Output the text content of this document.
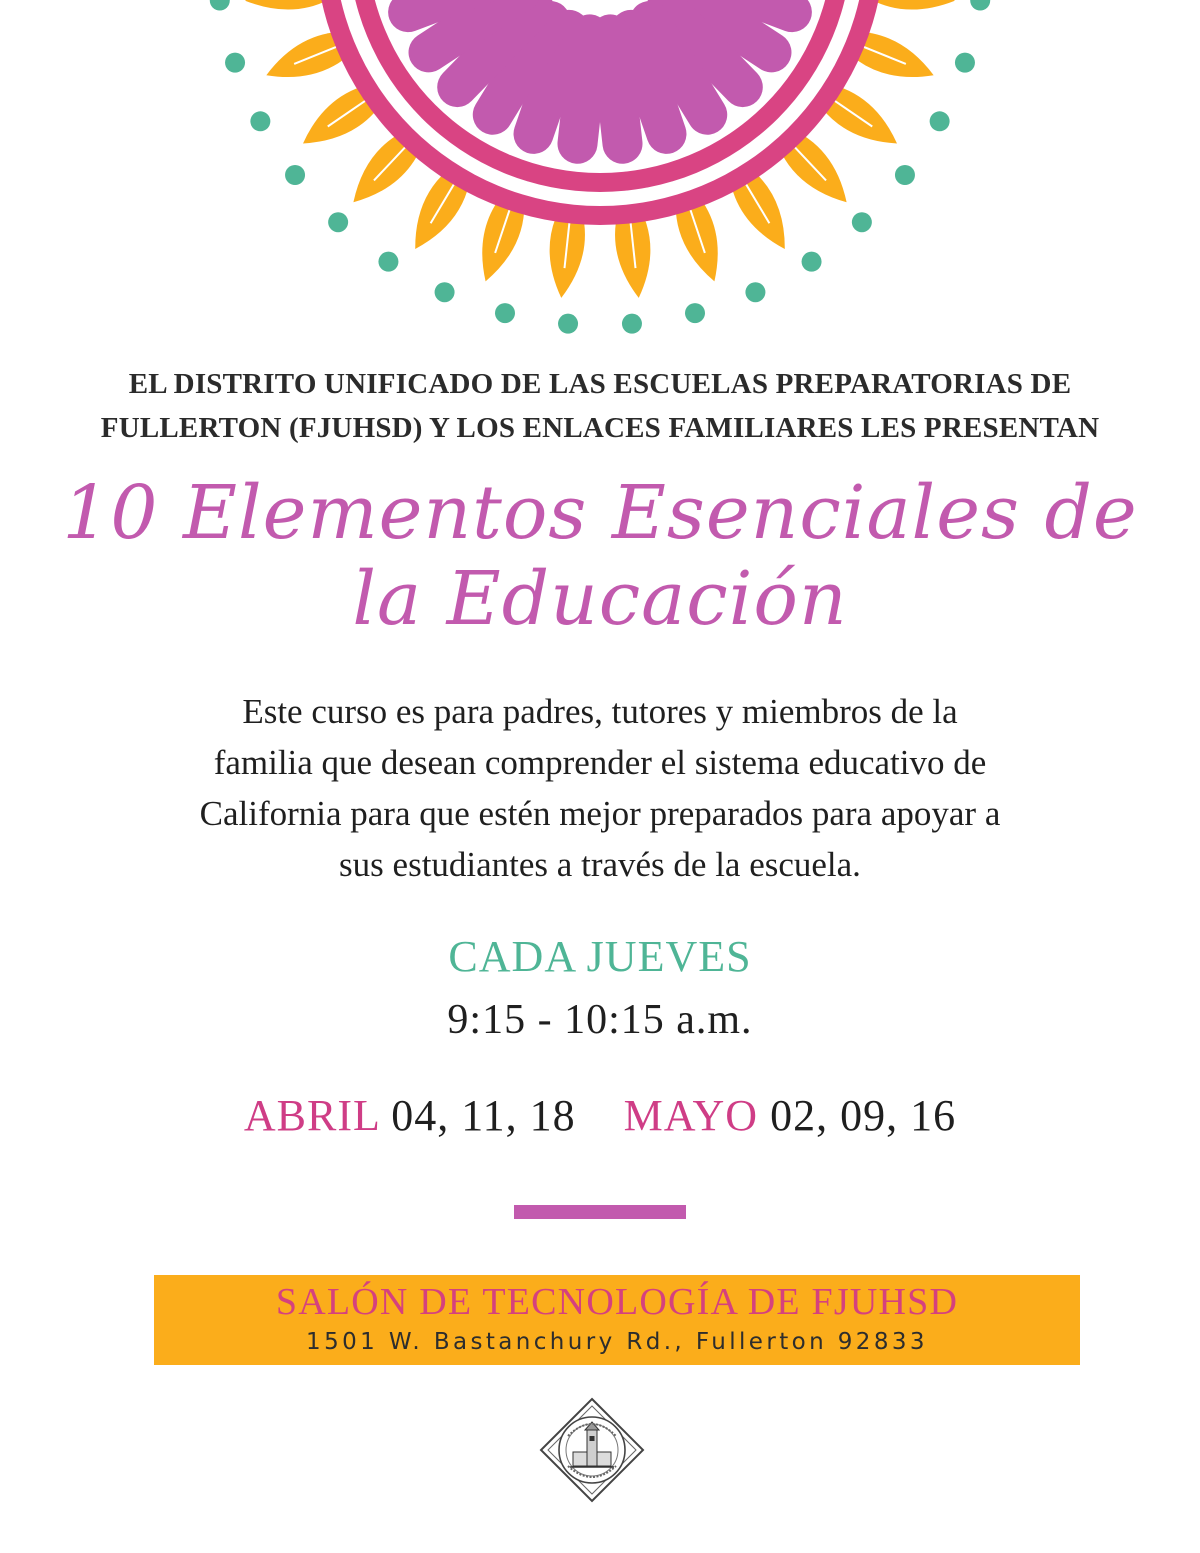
EL DISTRITO UNIFICADO DE LAS ESCUELAS PREPARATORIAS DE
FULLERTON (FJUHSD) Y LOS ENLACES FAMILIARES LES PRESENTAN
10 Elementos Esenciales de
la Educación
Este curso es para padres, tutores y miembros de la
familia que desean comprender el sistema educativo de
California para que estén mejor preparados para apoyar a
sus estudiantes a través de la escuela.
CADA JUEVES
9:15 - 10:15 a.m.
ABRIL 04, 11, 18 MAYO 02, 09, 16
SALÓN DE TECNOLOGÍA DE FJUHSD
1501 W. Bastanchury Rd., Fullerton 92833
